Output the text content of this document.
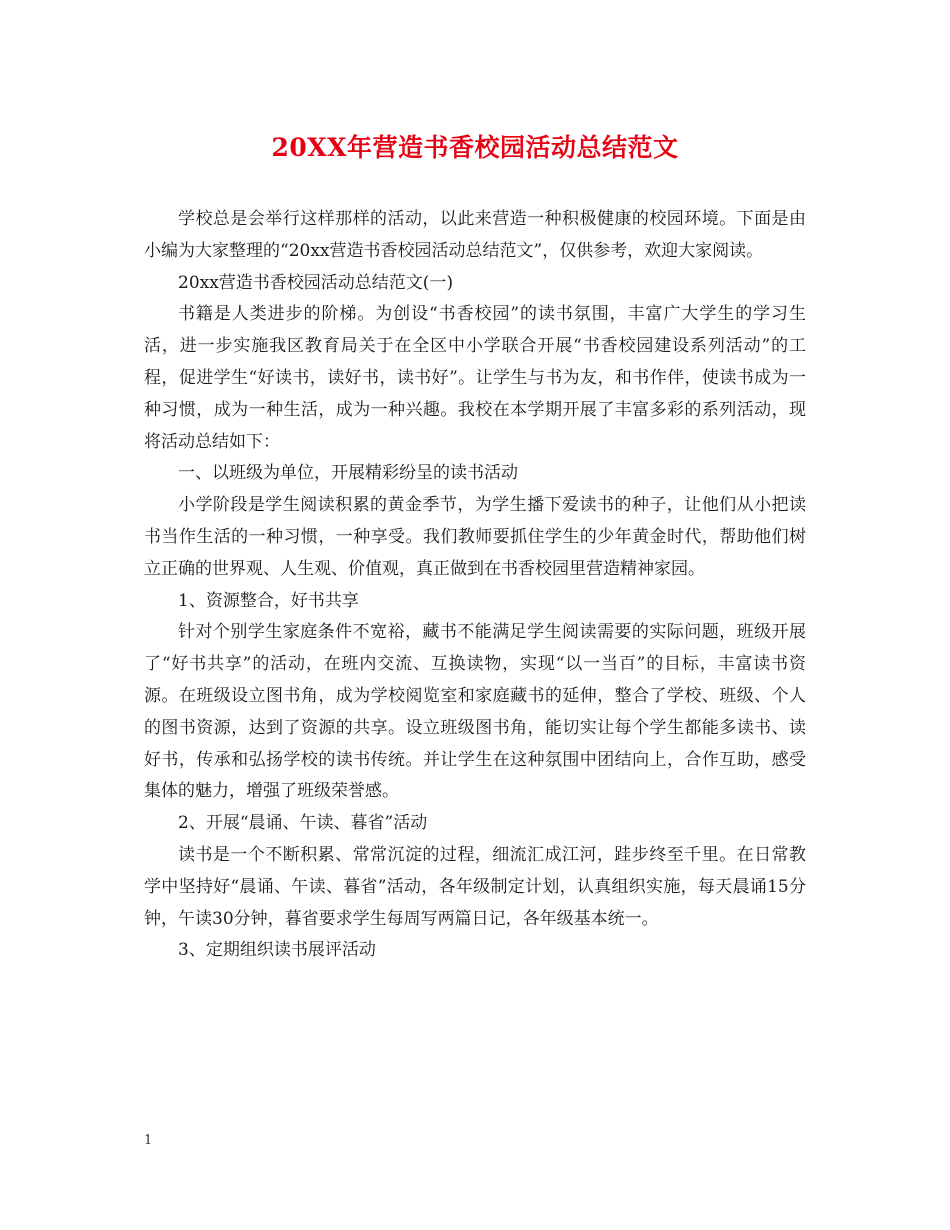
20XX年营造书香校园活动总结范文

学校总是会举行这样那样的活动，以此来营造一种积极健康的校园环境。下面是由小编为大家整理的“20xx营造书香校园活动总结范文”，仅供参考，欢迎大家阅读。

20xx营造书香校园活动总结范文(一)

书籍是人类进步的阶梯。为创设“书香校园”的读书氛围，丰富广大学生的学习生活，进一步实施我区教育局关于在全区中小学联合开展“书香校园建设系列活动”的工程，促进学生“好读书，读好书，读书好”。让学生与书为友，和书作伴，使读书成为一种习惯，成为一种生活，成为一种兴趣。我校在本学期开展了丰富多彩的系列活动，现将活动总结如下：

一、以班级为单位，开展精彩纷呈的读书活动

小学阶段是学生阅读积累的黄金季节，为学生播下爱读书的种子，让他们从小把读书当作生活的一种习惯，一种享受。我们教师要抓住学生的少年黄金时代，帮助他们树立正确的世界观、人生观、价值观，真正做到在书香校园里营造精神家园。

1、资源整合，好书共享

针对个别学生家庭条件不宽裕，藏书不能满足学生阅读需要的实际问题，班级开展了“好书共享”的活动，在班内交流、互换读物，实现“以一当百”的目标，丰富读书资源。在班级设立图书角，成为学校阅览室和家庭藏书的延伸，整合了学校、班级、个人的图书资源，达到了资源的共享。设立班级图书角，能切实让每个学生都能多读书、读好书，传承和弘扬学校的读书传统。并让学生在这种氛围中团结向上，合作互助，感受集体的魅力，增强了班级荣誉感。

2、开展“晨诵、午读、暮省”活动

读书是一个不断积累、常常沉淀的过程，细流汇成江河，跬步终至千里。在日常教学中坚持好“晨诵、午读、暮省”活动，各年级制定计划，认真组织实施，每天晨诵15分钟，午读30分钟，暮省要求学生每周写两篇日记，各年级基本统一。

3、定期组织读书展评活动

1
